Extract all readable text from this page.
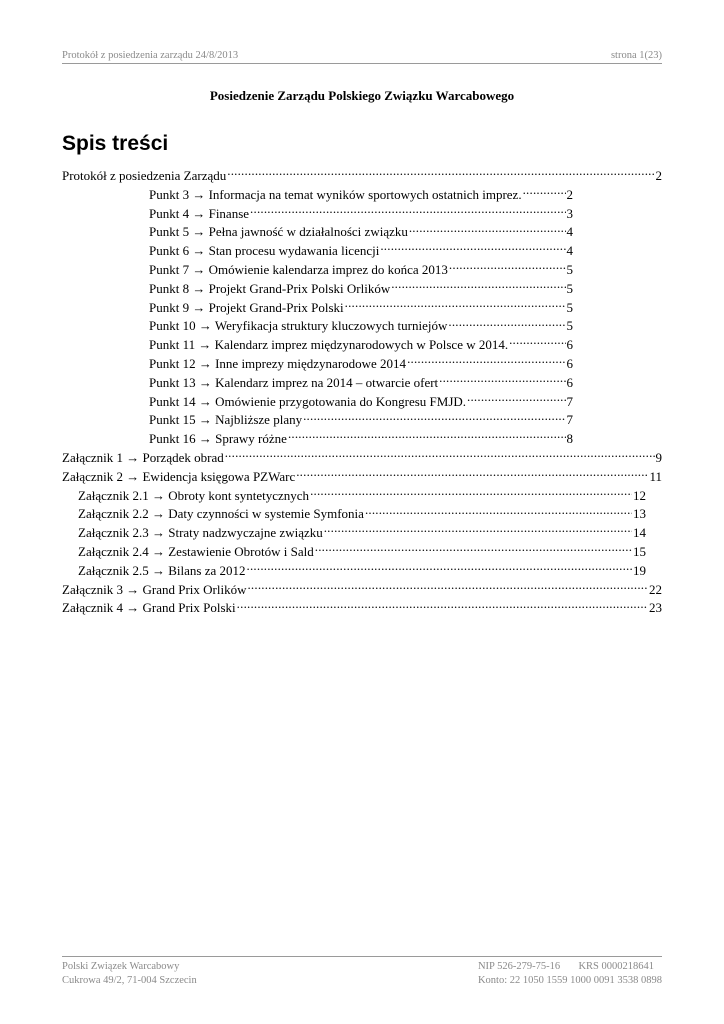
Protokół z posiedzenia zarządu 24/8/2013	strona 1(23)
Posiedzenie Zarządu Polskiego Związku Warcabowego
Spis treści
Protokół z posiedzenia Zarządu .....	2
Punkt 3 → Informacja na temat wyników sportowych ostatnich imprez. .....	2
Punkt 4 → Finanse .....	3
Punkt 5 → Pełna jawność w działalności związku .....	4
Punkt 6 → Stan procesu wydawania licencji .....	4
Punkt 7 → Omówienie kalendarza imprez do końca 2013 .....	5
Punkt 8 → Projekt Grand-Prix Polski Orlików .....	5
Punkt 9 → Projekt Grand-Prix Polski .....	5
Punkt 10 → Weryfikacja struktury kluczowych turniejów .....	5
Punkt 11 → Kalendarz imprez międzynarodowych w Polsce w 2014. .....	6
Punkt 12 → Inne imprezy międzynarodowe 2014 .....	6
Punkt 13 → Kalendarz imprez na 2014 – otwarcie ofert .....	6
Punkt 14 → Omówienie przygotowania do Kongresu FMJD. .....	7
Punkt 15 → Najbliższe plany .....	7
Punkt 16 → Sprawy różne .....	8
Załącznik 1 → Porządek obrad .....	9
Załącznik 2 → Ewidencja księgowa PZWarc .....	11
Załącznik 2.1 → Obroty kont syntetycznych .....	12
Załącznik 2.2 → Daty czynności w systemie Symfonia .....	13
Załącznik 2.3 → Straty nadzwyczajne związku .....	14
Załącznik 2.4 → Zestawienie Obrotów i Sald .....	15
Załącznik 2.5 → Bilans za 2012 .....	19
Załącznik 3 → Grand Prix Orlików .....	22
Załącznik 4 → Grand Prix Polski .....	23
Polski Związek Warcabowy
Cukrowa 49/2, 71-004 Szczecin
NIP 526-279-75-16       KRS 0000218641
Konto: 22 1050 1559 1000 0091 3538 0898
